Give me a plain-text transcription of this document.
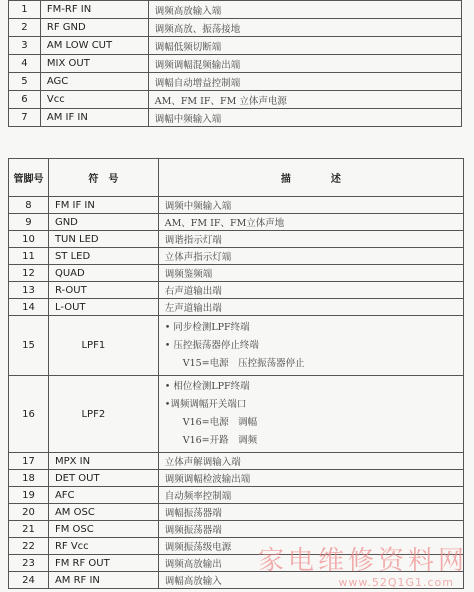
1	FM-RF IN	调频高放输入端
2	RF GND	调频高放、振荡接地
3	AM LOW CUT	调幅低频切断端
4	MIX OUT	调频调幅混频输出端
5	AGC	调幅自动增益控制端
6	Vcc	AM、FM IF、FM 立体声电源
7	AM IF IN	调幅中频输入端
管脚号	符　号	描　　　　述
8	FM IF IN	调频中频输入端
9	GND	AM、FM IF、FM立体声地
10	TUN LED	调谐指示灯端
11	ST LED	立体声指示灯端
12	QUAD	调频鉴频端
13	R-OUT	右声道输出端
14	L-OUT	左声道输出端
15	LPF1	• 同步检测LPF终端
• 压控振荡器停止终端
V15=电源　压控振荡器停止

16	LPF2	• 相位检测LPF终端
•调频调幅开关端口
V16=电源　调幅
V16=开路　调频

17	MPX IN	立体声解调输入端
18	DET OUT	调频调幅检波输出端
19	AFC	自动频率控制端
20	AM OSC	调幅振荡器端
21	FM OSC	调频振荡器端
22	RF Vcc	调频振荡级电源
23	FM RF OUT	调频高放输出
24	AM RF IN	调幅高放输入
家电维修资料网
www.52Q1G1.com
